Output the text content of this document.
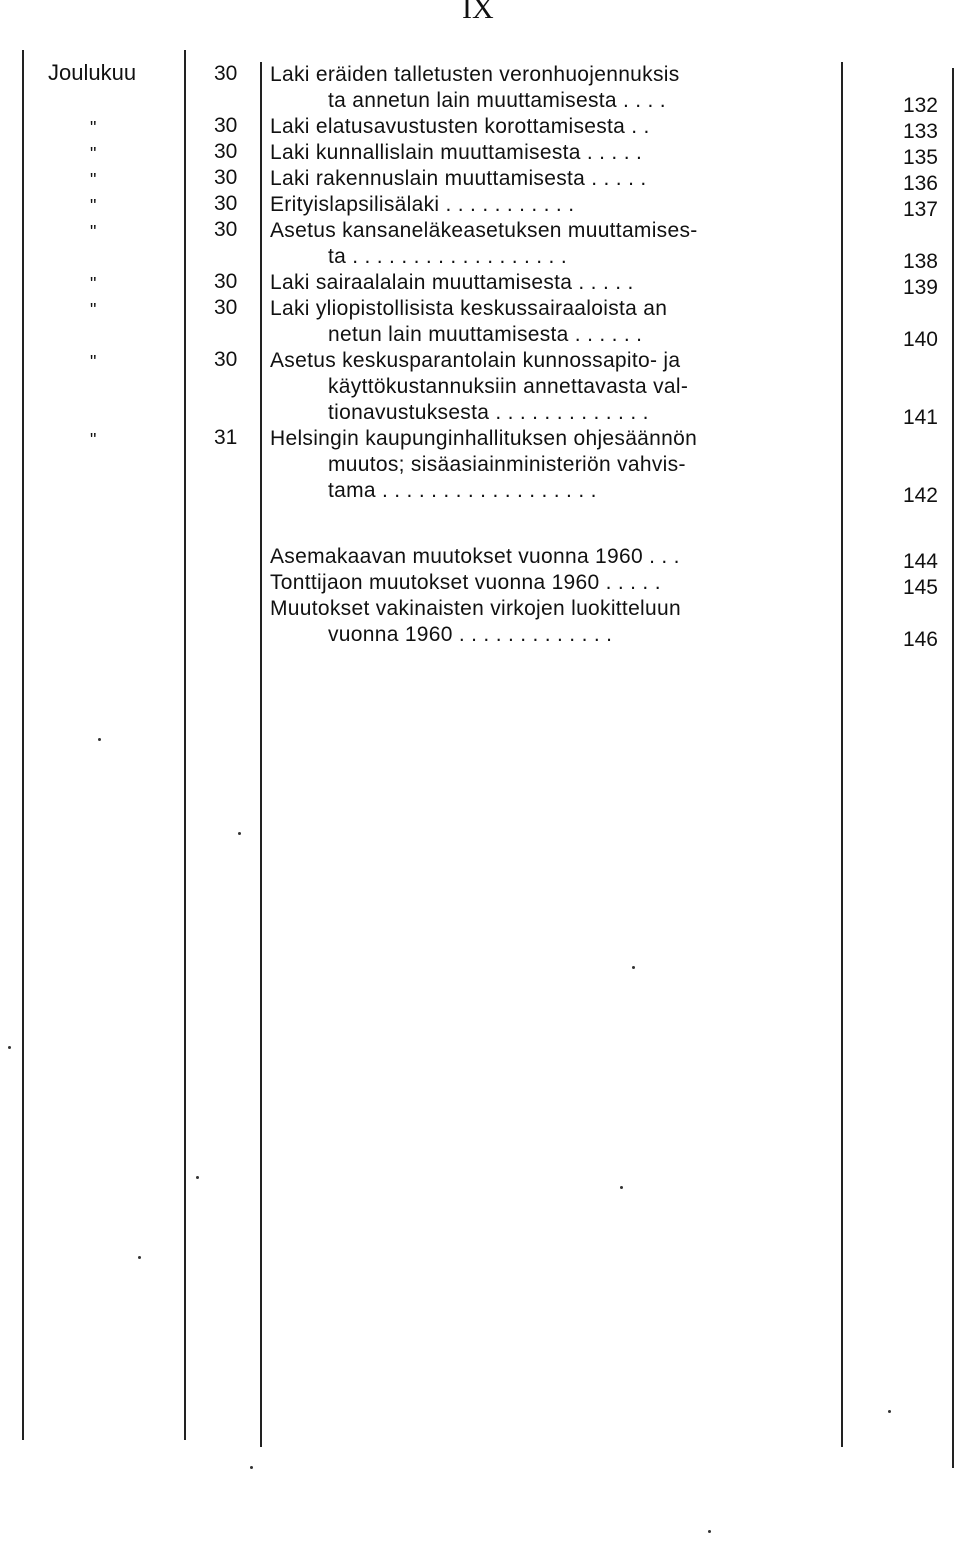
IX
Joulukuu	30 Laki eräiden talletusten veronhuojennuksis
ta annetun lain muuttamisesta . . . .	132
"	30 Laki elatusavustusten korottamisesta . .	133
"	30 Laki kunnallislain muuttamisesta . . . . .	135
"	30 Laki rakennuslain muuttamisesta . . . . .	136
"	30 Erityislapsilisälaki . . . . . . . . . . .	137
"	30 Asetus kansaneläkeasetuksen muuttamises-
ta . . . . . . . . . . . . . . . . . .	138
"	30 Laki sairaalalain muuttamisesta . . . . .	139
"	30 Laki yliopistollisista keskussairaaloista an
netun lain muuttamisesta . . . . . .	140
"	30 Asetus keskusparantolain kunnossapito- ja
käyttökustannuksiin annettavasta val-
tionavustuksesta . . . . . . . . . . . . .	141
"	31 Helsingin kaupunginhallituksen ohjesäännön
muutos; sisäasiainministeriön vahvis-
tama . . . . . . . . . . . . . . . . . .	142
Asemakaavan muutokset vuonna 1960 . . .	144
Tonttijaon muutokset vuonna 1960 . . . . .	145
Muutokset vakinaisten virkojen luokitteluun
vuonna 1960 . . . . . . . . . . . . .	146
